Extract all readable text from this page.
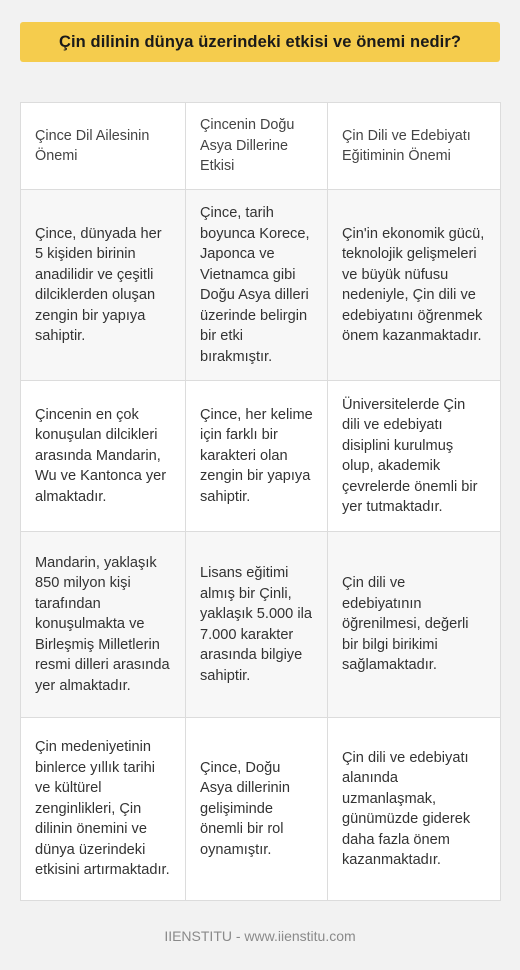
Çin dilinin dünya üzerindeki etkisi ve önemi nedir?
Çince Dil Ailesinin Önemi	Çincenin Doğu Asya Dillerine Etkisi	Çin Dili ve Edebiyatı Eğitiminin Önemi
Çince, dünyada her 5 kişiden birinin anadilidir ve çeşitli dilciklerden oluşan zengin bir yapıya sahiptir.	Çince, tarih boyunca Korece, Japonca ve Vietnamca gibi Doğu Asya dilleri üzerinde belirgin bir etki bırakmıştır.	Çin'in ekonomik gücü, teknolojik gelişmeleri ve büyük nüfusu nedeniyle, Çin dili ve edebiyatını öğrenmek önem kazanmaktadır.
Çincenin en çok konuşulan dilcikleri arasında Mandarin, Wu ve Kantonca yer almaktadır.	Çince, her kelime için farklı bir karakteri olan zengin bir yapıya sahiptir.	Üniversitelerde Çin dili ve edebiyatı disiplini kurulmuş olup, akademik çevrelerde önemli bir yer tutmaktadır.
Mandarin, yaklaşık 850 milyon kişi tarafından konuşulmakta ve Birleşmiş Milletlerin resmi dilleri arasında yer almaktadır.	Lisans eğitimi almış bir Çinli, yaklaşık 5.000 ila 7.000 karakter arasında bilgiye sahiptir.	Çin dili ve edebiyatının öğrenilmesi, değerli bir bilgi birikimi sağlamaktadır.
Çin medeniyetinin binlerce yıllık tarihi ve kültürel zenginlikleri, Çin dilinin önemini ve dünya üzerindeki etkisini artırmaktadır.	Çince, Doğu Asya dillerinin gelişiminde önemli bir rol oynamıştır.	Çin dili ve edebiyatı alanında uzmanlaşmak, günümüzde giderek daha fazla önem kazanmaktadır.
IIENSTITU - www.iienstitu.com
